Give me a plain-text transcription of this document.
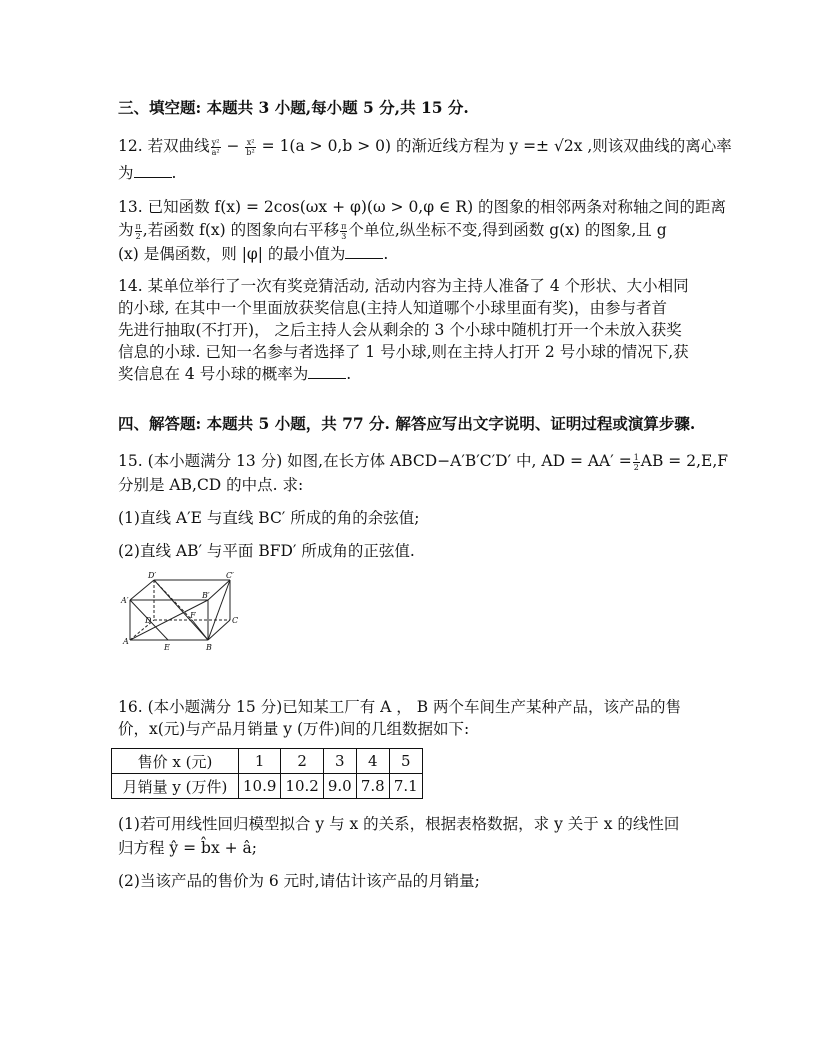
三、填空题: 本题共 3 小题,每小题 5 分,共 15 分.
12. 若双曲线 $\frac{\text{y²}}{\text{a²}} - \frac{\text{x²}}{\text{b²}} = 1(a > 0,b > 0)$ 的渐近线方程为 y =± √2x ,则该双曲线的离心率
为 .
13. 已知函数 f(x) = 2cos(ωx + φ)(ω > 0,φ ∈ R) 的图象的相邻两条对称轴之间的距离
为 $\frac{\pi}{2}$ ,若函数 f(x) 的图象向右平移 $\frac{\pi}{3}$ 个单位,纵坐标不变,得到函数 g(x) 的图象,且 g
(x) 是偶函数，则 |φ| 的最小值为 .
14. 某单位举行了一次有奖竞猜活动, 活动内容为主持人准备了 4 个形状、大小相同
的小球, 在其中一个里面放获奖信息(主持人知道哪个小球里面有奖)，由参与者首
先进行抽取(不打开)， 之后主持人会从剩余的 3 个小球中随机打开一个未放入获奖
信息的小球. 已知一名参与者选择了 1 号小球,则在主持人打开 2 号小球的情况下,获
奖信息在 4 号小球的概率为 .
四、解答题: 本题共 5 小题，共 77 分. 解答应写出文字说明、证明过程或演算步骤.
15. (本小题满分 13 分) 如图,在长方体 ABCD−A′B′C′D′ 中, AD = $AA' = \frac{1}{2}$ AB = 2,E,F
分别是 AB,CD 的中点. 求:
(1)直线 A′E 与直线 BC′ 所成的角的余弦值;
(2)直线 AB′ 与平面 BFD′ 所成角的正弦值.
D′	C′
A′
B′
D
F
C
A
E	B
16. (本小题满分 15 分)已知某工厂有 A ， B 两个车间生产某种产品，该产品的售
价，x(元)与产品月销量 y (万件)间的几组数据如下:
售价 x (元)	1	2	3	4	5
月销量 y (万件)	10.9	10.2	9.0	7.8	7.1
(1)若可用线性回归模型拟合 y 与 x 的关系，根据表格数据，求 y 关于 x 的线性回
归方程 ŷ = b̂x + â;
(2)当该产品的售价为 6 元时,请估计该产品的月销量;
